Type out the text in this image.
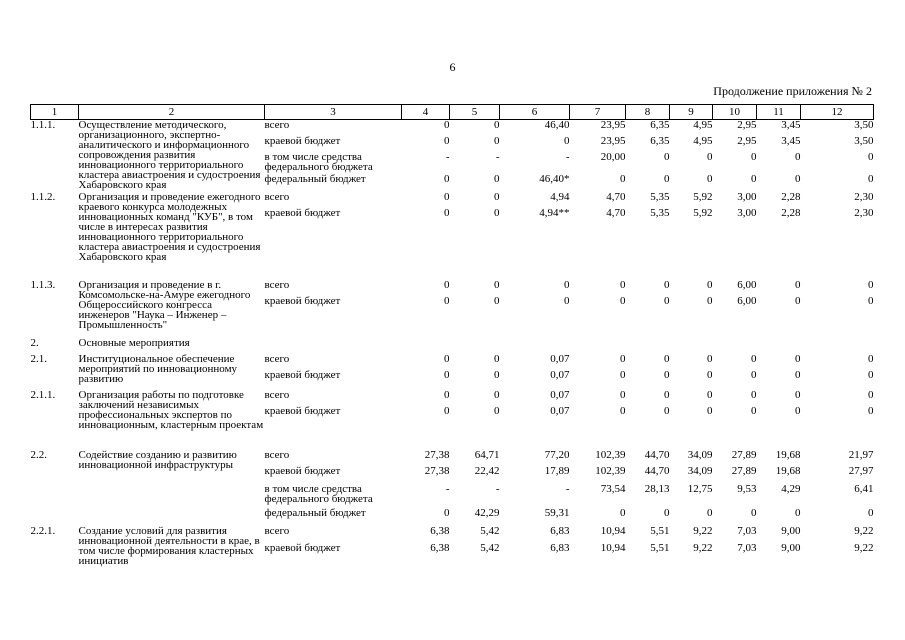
6
Продолжение приложения № 2
1	2	3	4	5	6	7	8	9	10	11	12
1.1.1.	Осуществление методического, организационного, экспертно-аналитического и информационного сопровождения развития инновационного территориального кластера авиастроения и судостроения Хабаровского края	всего	0	0	46,40	23,95	6,35	4,95	2,95	3,45	3,50
		краевой бюджет	0	0	0	23,95	6,35	4,95	2,95	3,45	3,50
		в том числе средства федерального бюджета	-	-	-	20,00	0	0	0	0	0
		федеральный бюджет	0	0	46,40*	0	0	0	0	0	0
1.1.2.	Организация и проведение ежегодного краевого конкурса молодежных инновационных команд "КУБ", в том числе в интересах развития инновационного территориального кластера авиастроения и судостроения Хабаровского края	всего	0	0	4,94	4,70	5,35	5,92	3,00	2,28	2,30
		краевой бюджет	0	0	4,94**	4,70	5,35	5,92	3,00	2,28	2,30
1.1.3.	Организация и проведение в г. Комсомольске-на-Амуре ежегодного Общероссийского конгресса инженеров "Наука – Инженер – Промышленность"	всего	0	0	0	0	0	0	6,00	0	0
		краевой бюджет	0	0	0	0	0	0	6,00	0	0
2.	Основные мероприятия										
2.1.	Институциональное обеспечение мероприятий по инновационному развитию	всего	0	0	0,07	0	0	0	0	0	0
		краевой бюджет	0	0	0,07	0	0	0	0	0	0
2.1.1.	Организация работы по подготовке заключений независимых профессиональных экспертов по инновационным, кластерным проектам	всего	0	0	0,07	0	0	0	0	0	0
		краевой бюджет	0	0	0,07	0	0	0	0	0	0
2.2.	Содействие созданию и развитию инновационной инфраструктуры	всего	27,38	64,71	77,20	102,39	44,70	34,09	27,89	19,68	21,97
		краевой бюджет	27,38	22,42	17,89	102,39	44,70	34,09	27,89	19,68	27,97
		в том числе средства федерального бюджета	-	-	-	73,54	28,13	12,75	9,53	4,29	6,41
		федеральный бюджет	0	42,29	59,31	0	0	0	0	0	0
2.2.1.	Создание условий для развития инновационной деятельности в крае, в том числе формирования кластерных инициатив	всего	6,38	5,42	6,83	10,94	5,51	9,22	7,03	9,00	9,22
		краевой бюджет	6,38	5,42	6,83	10,94	5,51	9,22	7,03	9,00	9,22
